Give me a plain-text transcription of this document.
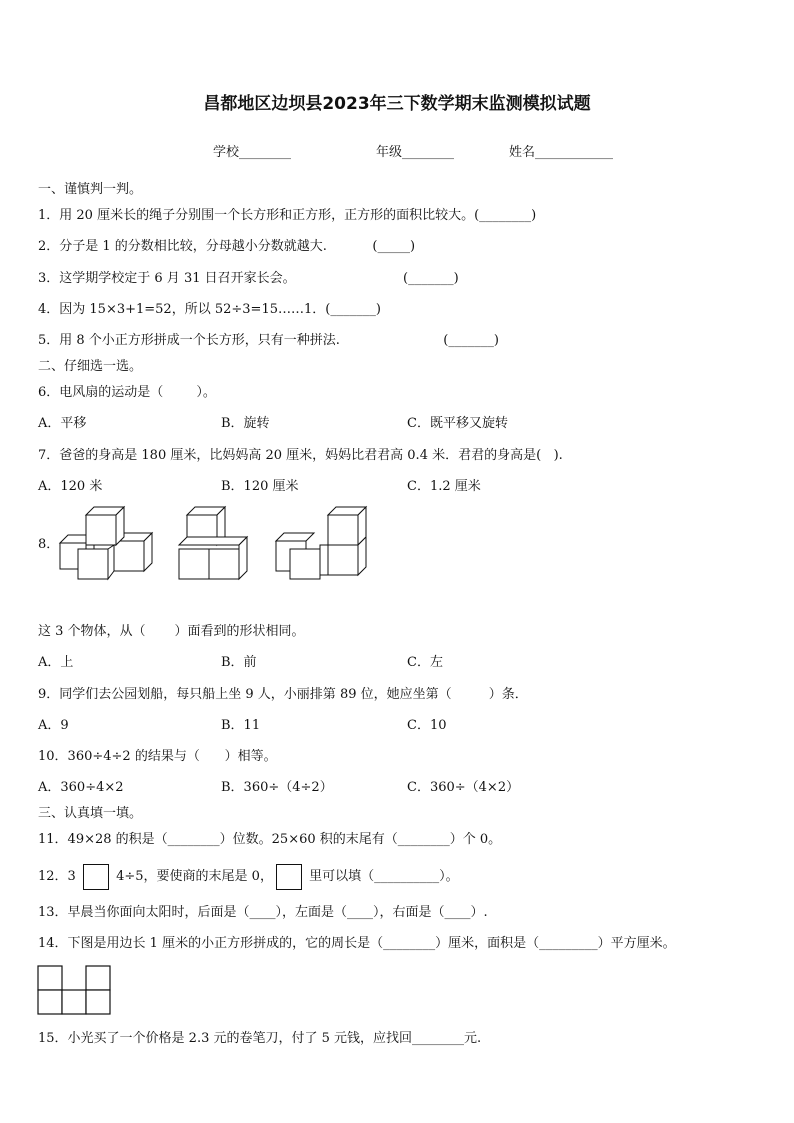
昌都地区边坝县2023年三下数学期末监测模拟试题
学校________	年级________	姓名____________
一、谨慎判一判。
1．用 20 厘米长的绳子分别围一个长方形和正方形，正方形的面积比较大。(________)
2．分子是 1 的分数相比较，分母越小分数就越大.           (_____)
3．这学期学校定于 6 月 31 日召开家长会。                          (_______)
4．因为 15×3+1=52，所以 52÷3=15……1．(_______)
5．用 8 个小正方形拼成一个长方形，只有一种拼法.                         (_______)
二、仔细选一选。
6．电风扇的运动是（        ）。
A．平移	B．旋转	C．既平移又旋转
7．爸爸的身高是 180 厘米，比妈妈高 20 厘米，妈妈比君君高 0.4 米．君君的身高是(   ).
A．120 米	B．120 厘米	C．1.2 厘米
8．
这 3 个物体，从（       ）面看到的形状相同。
A．上	B．前	C．左
9．同学们去公园划船，每只船上坐 9 人，小丽排第 89 位，她应坐第（         ）条．
A．9	B．11	C．10
10．360÷4÷2 的结果与（      ）相等。
A．360÷4×2	B．360÷（4÷2）	C．360÷（4×2）
三、认真填一填。
11．49×28 的积是（________）位数。25×60 积的末尾有（________）个 0。
12．3	4÷5，要使商的末尾是 0，	里可以填（__________）。
13．早晨当你面向太阳时，后面是（____），左面是（____），右面是（____）.
14．下图是用边长 1 厘米的小正方形拼成的，它的周长是（________）厘米，面积是（_________）平方厘米。
15．小光买了一个价格是 2.3 元的卷笔刀，付了 5 元钱，应找回________元.
